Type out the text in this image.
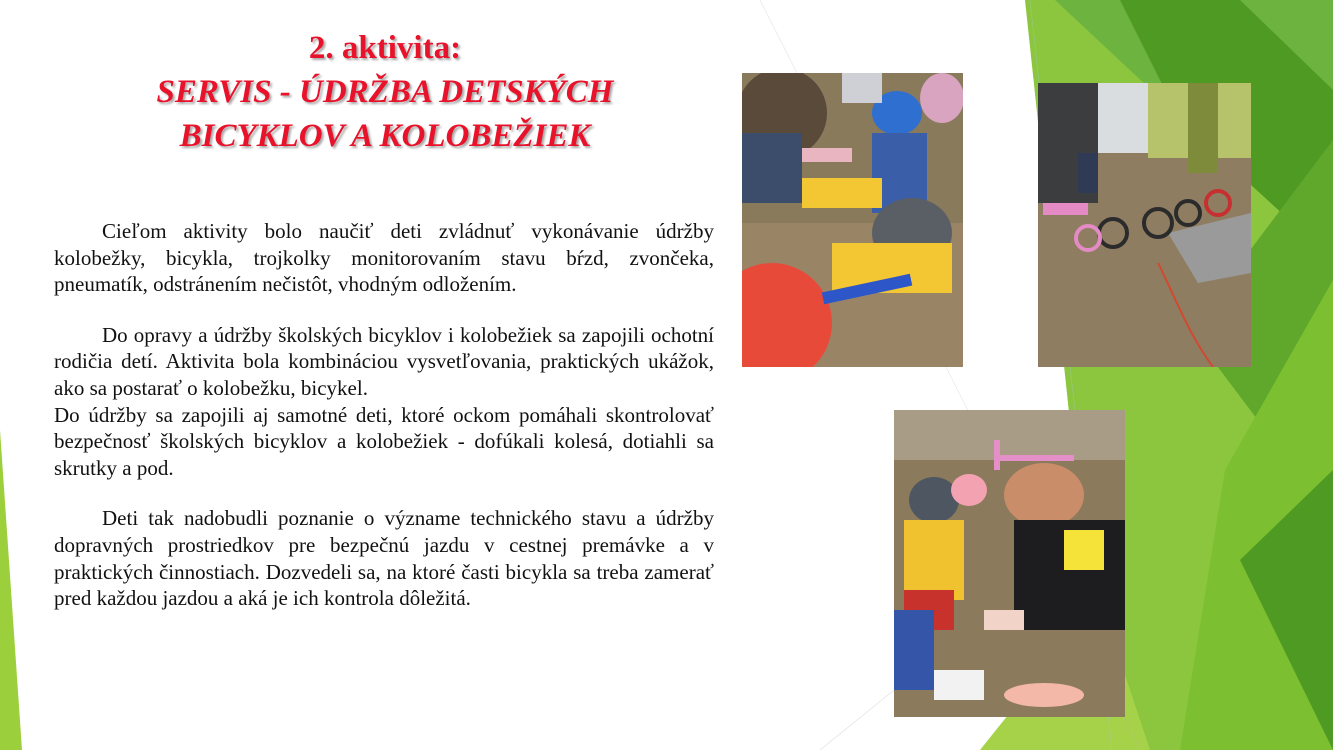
2. aktivita:
SERVIS - ÚDRŽBA DETSKÝCH
BICYKLOV A KOLOBEŽIEK

Cieľom aktivity bolo naučiť deti zvládnuť vykonávanie údržby kolobežky, bicykla, trojkolky monitorovaním stavu bŕzd, zvončeka, pneumatík, odstránením nečistôt, vhodným odložením.

Do opravy a údržby školských bicyklov i kolobežiek sa zapojili ochotní rodičia detí. Aktivita bola kombináciou vysvetľovania, praktických ukážok, ako sa postarať o kolobežku, bicykel.

Do údržby sa zapojili aj samotné deti, ktoré ockom pomáhali skontrolovať bezpečnosť školských bicyklov a kolobežiek - dofúkali kolesá, dotiahli sa skrutky a pod.

Deti tak nadobudli poznanie o význame technického stavu a údržby dopravných prostriedkov pre bezpečnú jazdu v cestnej premávke a v praktických činnostiach. Dozvedeli sa, na ktoré časti bicykla sa treba zamerať pred každou jazdou a aká je ich kontrola dôležitá.
